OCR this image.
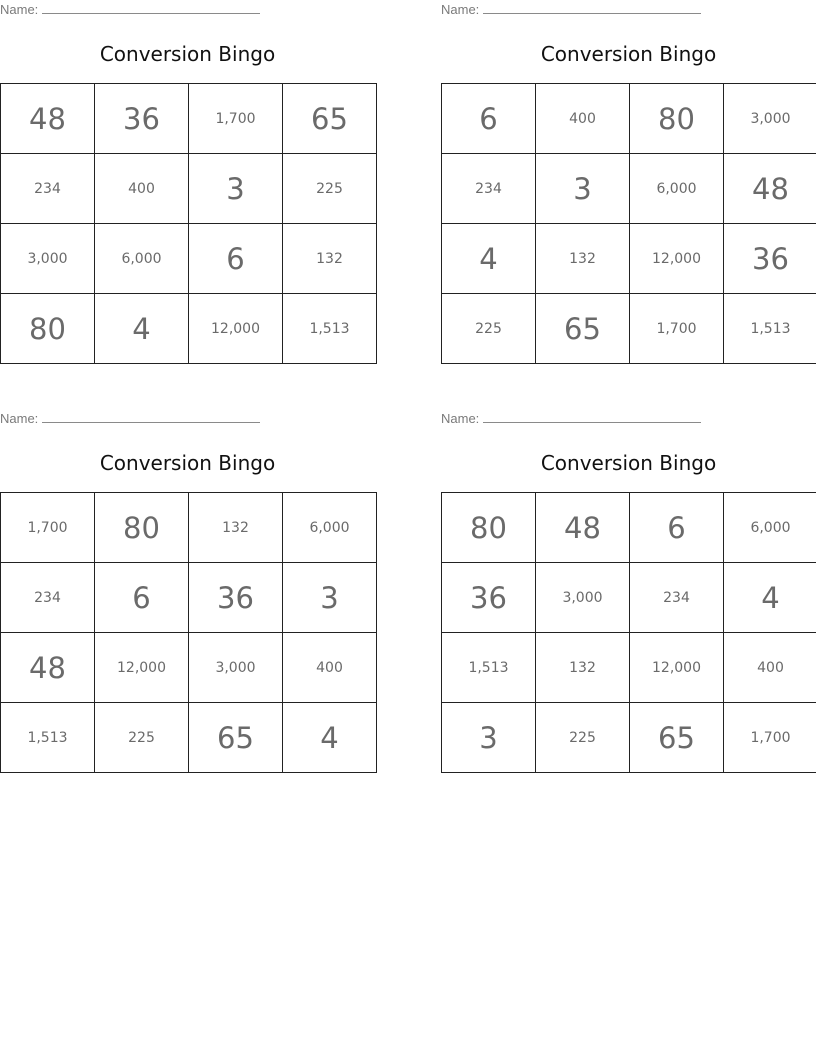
Name:
Conversion Bingo
48	36	1,700	65
234	400	3	225
3,000	6,000	6	132
80	4	12,000	1,513
Name:
Conversion Bingo
6	400	80	3,000
234	3	6,000	48
4	132	12,000	36
225	65	1,700	1,513
Name:
Conversion Bingo
1,700	80	132	6,000
234	6	36	3
48	12,000	3,000	400
1,513	225	65	4
Name:
Conversion Bingo
80	48	6	6,000
36	3,000	234	4
1,513	132	12,000	400
3	225	65	1,700
